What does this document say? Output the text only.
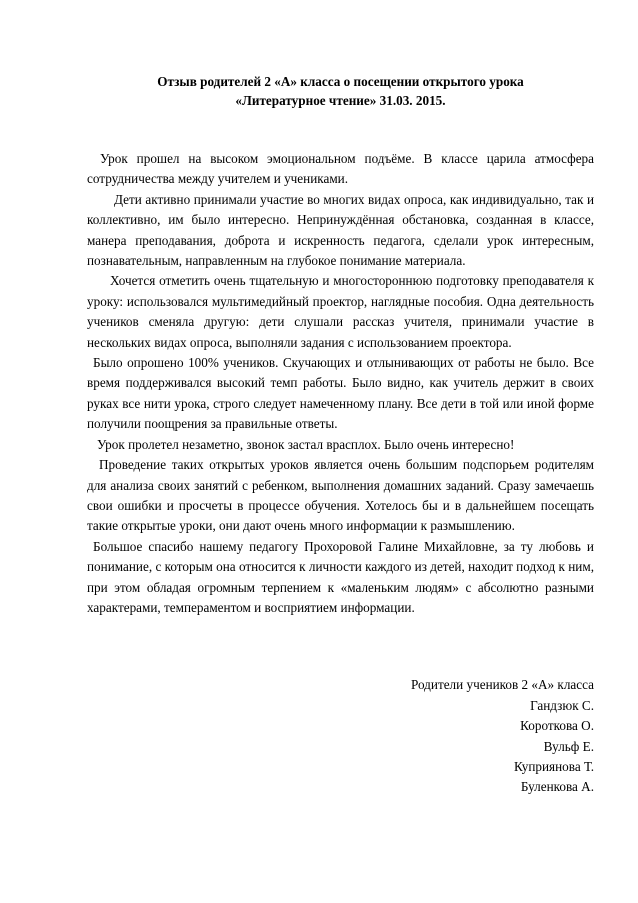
Отзыв родителей 2 «А» класса о посещении открытого урока
«Литературное чтение» 31.03. 2015.

Урок прошел на высоком эмоциональном подъёме. В классе царила атмосфера сотрудничества между учителем и учениками.

Дети активно принимали участие во многих видах опроса, как индивидуально, так и коллективно, им было интересно. Непринуждённая обстановка, созданная в классе, манера преподавания, доброта и искренность педагога, сделали урок интересным, познавательным, направленным на глубокое понимание материала.

Хочется отметить очень тщательную и многостороннюю подготовку преподавателя к уроку: использовался мультимедийный проектор, наглядные пособия. Одна деятельность учеников сменяла другую: дети слушали рассказ учителя, принимали участие в нескольких видах опроса, выполняли задания с использованием проектора.

Было опрошено 100% учеников. Скучающих и отлынивающих от работы не было. Все время поддерживался высокий темп работы. Было видно, как учитель держит в своих руках все нити урока, строго следует намеченному плану. Все дети в той или иной форме получили поощрения за правильные ответы.

Урок пролетел незаметно, звонок застал врасплох. Было очень интересно!

Проведение таких открытых уроков является очень большим подспорьем родителям для анализа своих занятий с ребенком, выполнения домашних заданий. Сразу замечаешь свои ошибки и просчеты в процессе обучения. Хотелось бы и в дальнейшем посещать такие открытые уроки, они дают очень много информации к размышлению.

Большое спасибо нашему педагогу Прохоровой Галине Михайловне, за ту любовь и понимание, с которым она относится к личности каждого из детей, находит подход к ним, при этом обладая огромным терпением к «маленьким людям» с абсолютно разными характерами, темпераментом и восприятием информации.

Родители учеников 2 «А» класса
Гандзюк С.
Короткова О.
Вульф Е.
Куприянова Т.
Буленкова А.
